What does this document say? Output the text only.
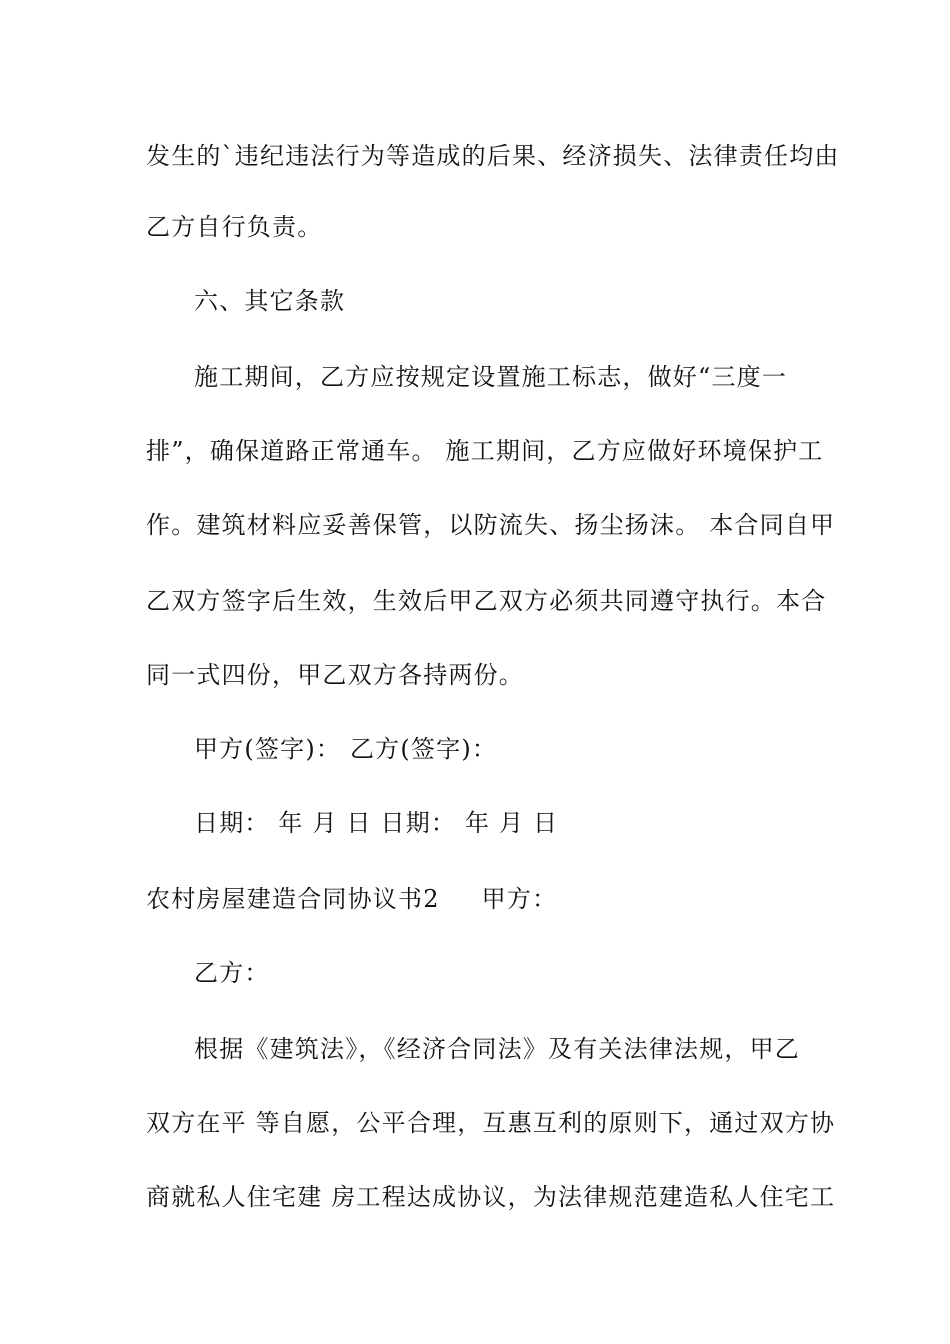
发生的`违纪违法行为等造成的后果、经济损失、法律责任均由
乙方自行负责。
六、其它条款
施工期间，乙方应按规定设置施工标志，做好“三度一
排”，确保道路正常通车。 施工期间，乙方应做好环境保护工
作。建筑材料应妥善保管，以防流失、扬尘扬沫。 本合同自甲
乙双方签字后生效，生效后甲乙双方必须共同遵守执行。本合
同一式四份，甲乙双方各持两份。
甲方(签字)： 乙方(签字)：
日期： 年 月 日 日期： 年 月 日
农村房屋建造合同协议书2 甲方：
乙方：
根据《建筑法》，《经济合同法》及有关法律法规，甲乙
双方在平 等自愿，公平合理，互惠互利的原则下，通过双方协
商就私人住宅建 房工程达成协议，为法律规范建造私人住宅工
